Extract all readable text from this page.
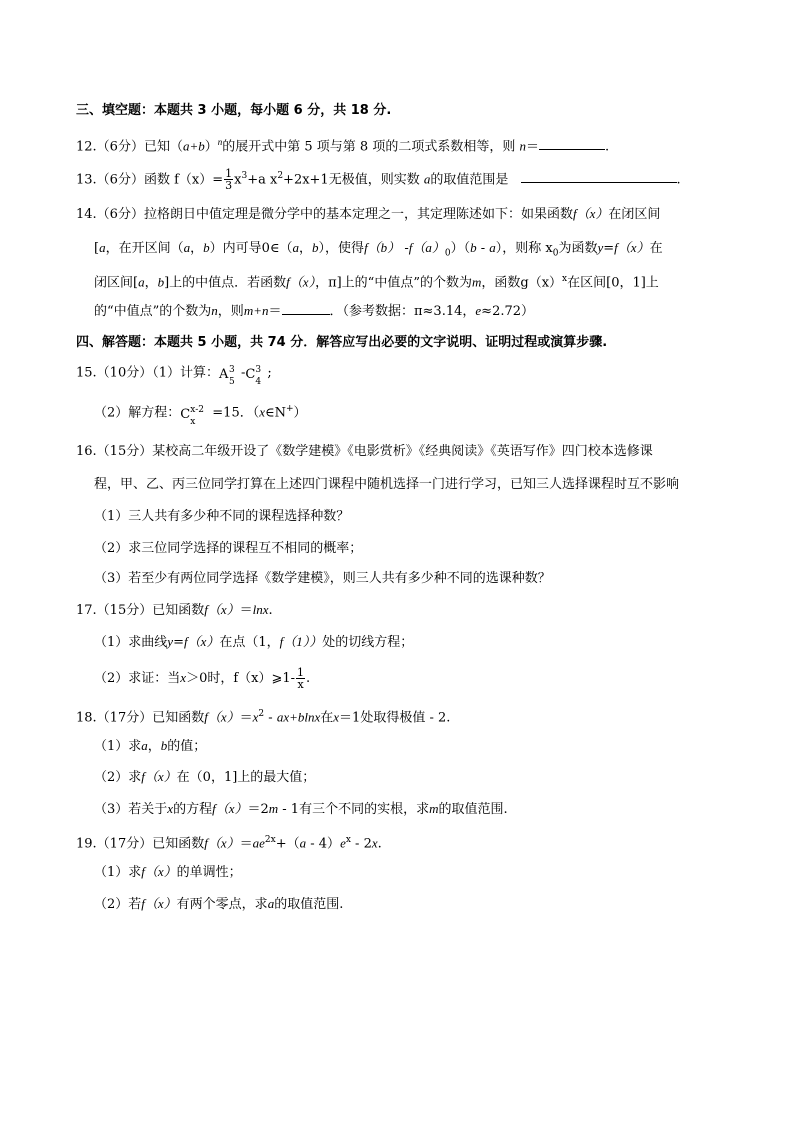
三、填空题：本题共 3 小题，每小题 6 分，共 18 分.
12.（6分）已知$(a+b)^n$的展开式中第 5 项与第 8 项的二项式系数相等，则 n＝	.
13.（6分）函数 $f(x)= \frac{1}{3} x^3+a$ $x^2+2x+1$无极值，则实数 a的取值范围是	.
14.（6分）拉格朗日中值定理是微分学中的基本定理之一，其定理陈述如下：如果函数f（x）在闭区间
[a，在开区间（a，b）内可导0∈（a，b），使得f（b） $-f(a)_0)(b - a)$，则称 $x_0$为函数y=f（x）在
闭区间[a，b]上的中值点．若函数f（x），π]上的“中值点”的个数为m，函数$g(x)^x$在区间[0，1]上
的“中值点”的个数为n，则m+n＝	．（参考数据：π≈3.14，e≈2.72）
四、解答题：本题共 5 小题，共 74 分．解答应写出必要的文字说明、证明过程或演算步骤.
15.（10分）（1）计算： A 3
5
- C 3
4
;
（2）解方程： C x-2
x
=15．（x∈N+）
16.（15分）某校高二年级开设了《数学建模》《电影赏析》《经典阅读》《英语写作》四门校本选修课
程，甲、乙、丙三位同学打算在上述四门课程中随机选择一门进行学习，已知三人选择课程时互不影响
（1）三人共有多少种不同的课程选择种数？
（2）求三位同学选择的课程互不相同的概率；
（3）若至少有两位同学选择《数学建模》，则三人共有多少种不同的选课种数？
17.（15分）已知函数f（x）＝lnx.
（1）求曲线y=f（x）在点（1，f（1））处的切线方程；
（2）求证：当x＞0时，f（x）⩾1- $\frac{1}{x}$ .
18.（17分）已知函数$f(x)=x^2 - ax+blnx$在x＝1处取得极值 - 2.
（1）求a，b的值；
（2）求f（x）在（0，1]上的最大值；
（3）若关于x的方程f（x）＝2m - 1有三个不同的实根，求m的取值范围.
19.（17分）已知函数$f(x)=ae^{2x}+(a - 4)e^x - 2x$.
（1）求f（x）的单调性；
（2）若f（x）有两个零点，求a的取值范围.
